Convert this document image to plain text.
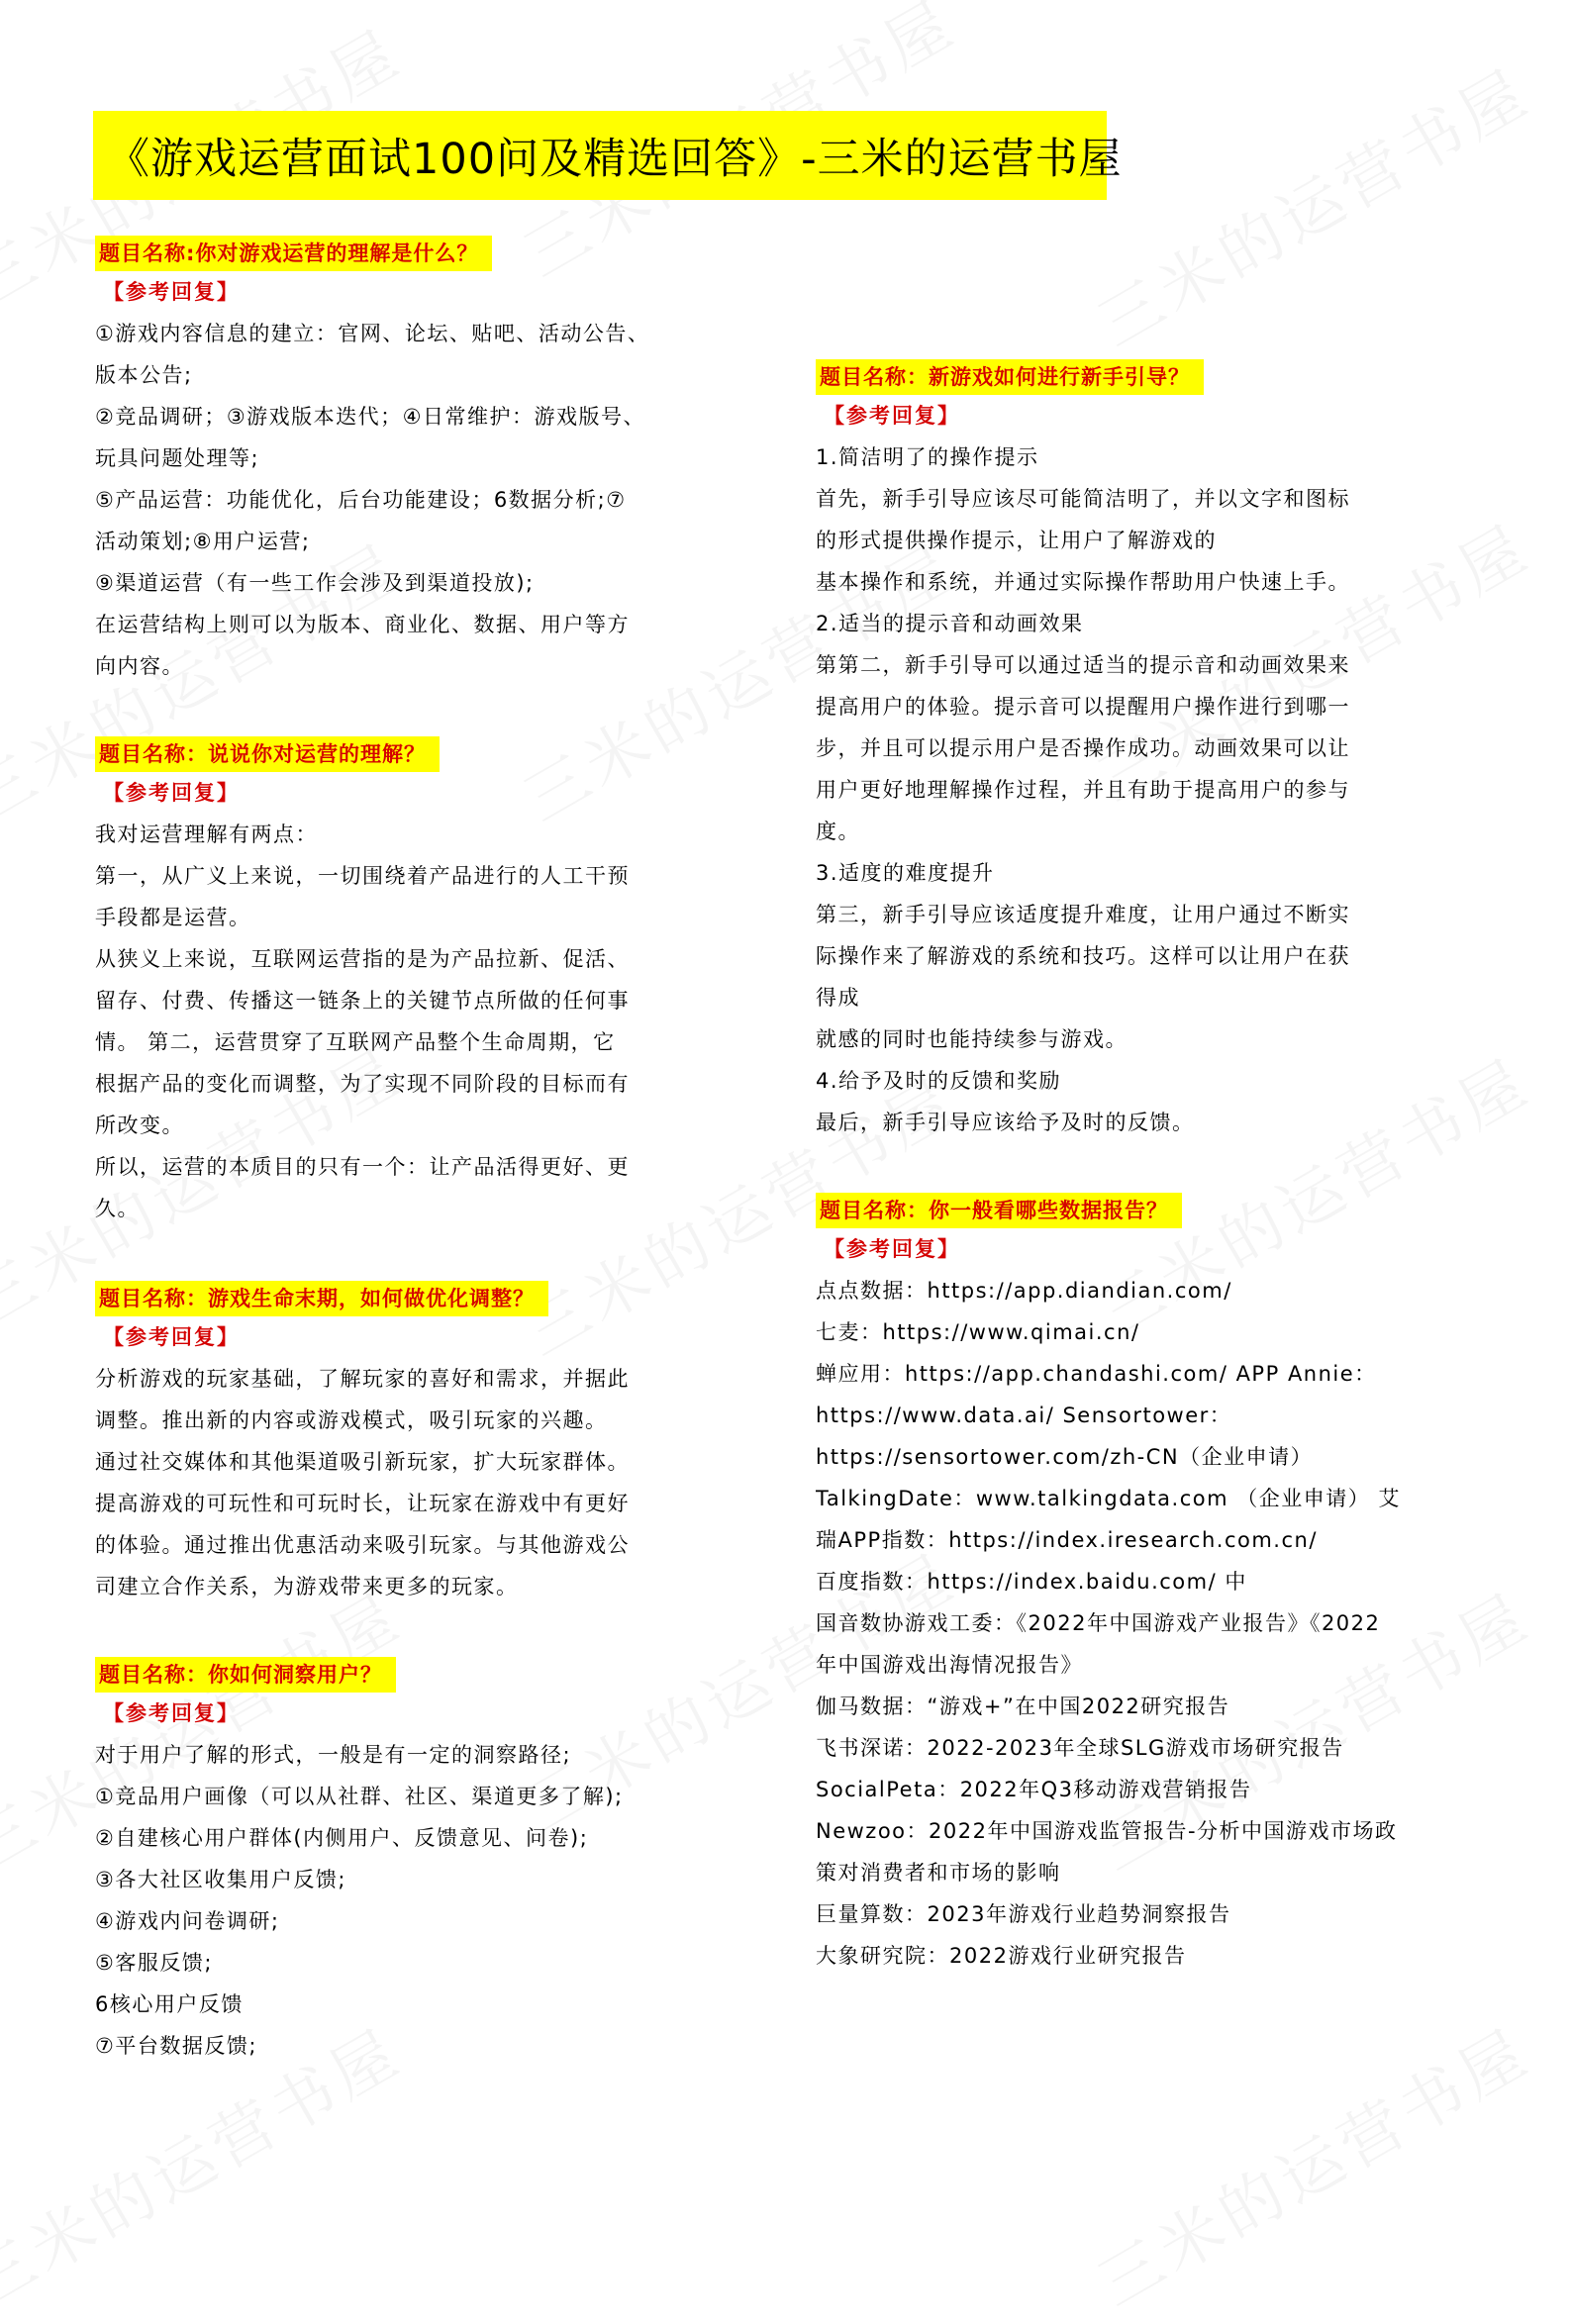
《游戏运营面试100问及精选回答》-三米的运营书屋
题目名称:你对游戏运营的理解是什么？
【参考回复】
①游戏内容信息的建立：官网、论坛、贴吧、活动公告、
版本公告;
②竞品调研；③游戏版本迭代；④日常维护：游戏版号、
玩具问题处理等;
⑤产品运营：功能优化，后台功能建设；6数据分析;⑦
活动策划;⑧用户运营;
⑨渠道运营（有一些工作会涉及到渠道投放);
在运营结构上则可以为版本、商业化、数据、用户等方
向内容。
题目名称：说说你对运营的理解？
【参考回复】
我对运营理解有两点：
第一，从广义上来说，一切围绕着产品进行的人工干预
手段都是运营。
从狭义上来说，互联网运营指的是为产品拉新、促活、
留存、付费、传播这一链条上的关键节点所做的任何事
情。 第二，运营贯穿了互联网产品整个生命周期，它
根据产品的变化而调整，为了实现不同阶段的目标而有
所改变。
所以，运营的本质目的只有一个：让产品活得更好、更
久。
题目名称：游戏生命末期，如何做优化调整？
【参考回复】
分析游戏的玩家基础，了解玩家的喜好和需求，并据此
调整。推出新的内容或游戏模式，吸引玩家的兴趣。
通过社交媒体和其他渠道吸引新玩家，扩大玩家群体。
提高游戏的可玩性和可玩时长，让玩家在游戏中有更好
的体验。通过推出优惠活动来吸引玩家。与其他游戏公
司建立合作关系，为游戏带来更多的玩家。
题目名称：你如何洞察用户？
【参考回复】
对于用户了解的形式，一般是有一定的洞察路径;
①竞品用户画像（可以从社群、社区、渠道更多了解);
②自建核心用户群体(内侧用户、反馈意见、问卷);
③各大社区收集用户反馈;
④游戏内问卷调研;
⑤客服反馈;
6核心用户反馈
⑦平台数据反馈;
题目名称：新游戏如何进行新手引导？
【参考回复】
1.简洁明了的操作提示
首先，新手引导应该尽可能简洁明了，并以文字和图标
的形式提供操作提示，让用户了解游戏的
基本操作和系统，并通过实际操作帮助用户快速上手。
2.适当的提示音和动画效果
第第二，新手引导可以通过适当的提示音和动画效果来
提高用户的体验。提示音可以提醒用户操作进行到哪一
步，并且可以提示用户是否操作成功。动画效果可以让
用户更好地理解操作过程，并且有助于提高用户的参与
度。
3.适度的难度提升
第三，新手引导应该适度提升难度，让用户通过不断实
际操作来了解游戏的系统和技巧。这样可以让用户在获
得成
就感的同时也能持续参与游戏。
4.给予及时的反馈和奖励
最后，新手引导应该给予及时的反馈。
题目名称：你一般看哪些数据报告？
【参考回复】
点点数据：https://app.diandian.com/
七麦：https://www.qimai.cn/
蝉应用：https://app.chandashi.com/ APP Annie：
https://www.data.ai/ Sensortower：
https://sensortower.com/zh-CN（企业申请）
TalkingDate：www.talkingdata.com （企业申请） 艾
瑞APP指数：https://index.iresearch.com.cn/
百度指数：https://index.baidu.com/ 中
国音数协游戏工委：《2022年中国游戏产业报告》《2022
年中国游戏出海情况报告》
伽马数据：“游戏+”在中国2022研究报告
飞书深诺：2022-2023年全球SLG游戏市场研究报告
SocialPeta：2022年Q3移动游戏营销报告
Newzoo：2022年中国游戏监管报告-分析中国游戏市场政
策对消费者和市场的影响
巨量算数：2023年游戏行业趋势洞察报告
大象研究院：2022游戏行业研究报告
